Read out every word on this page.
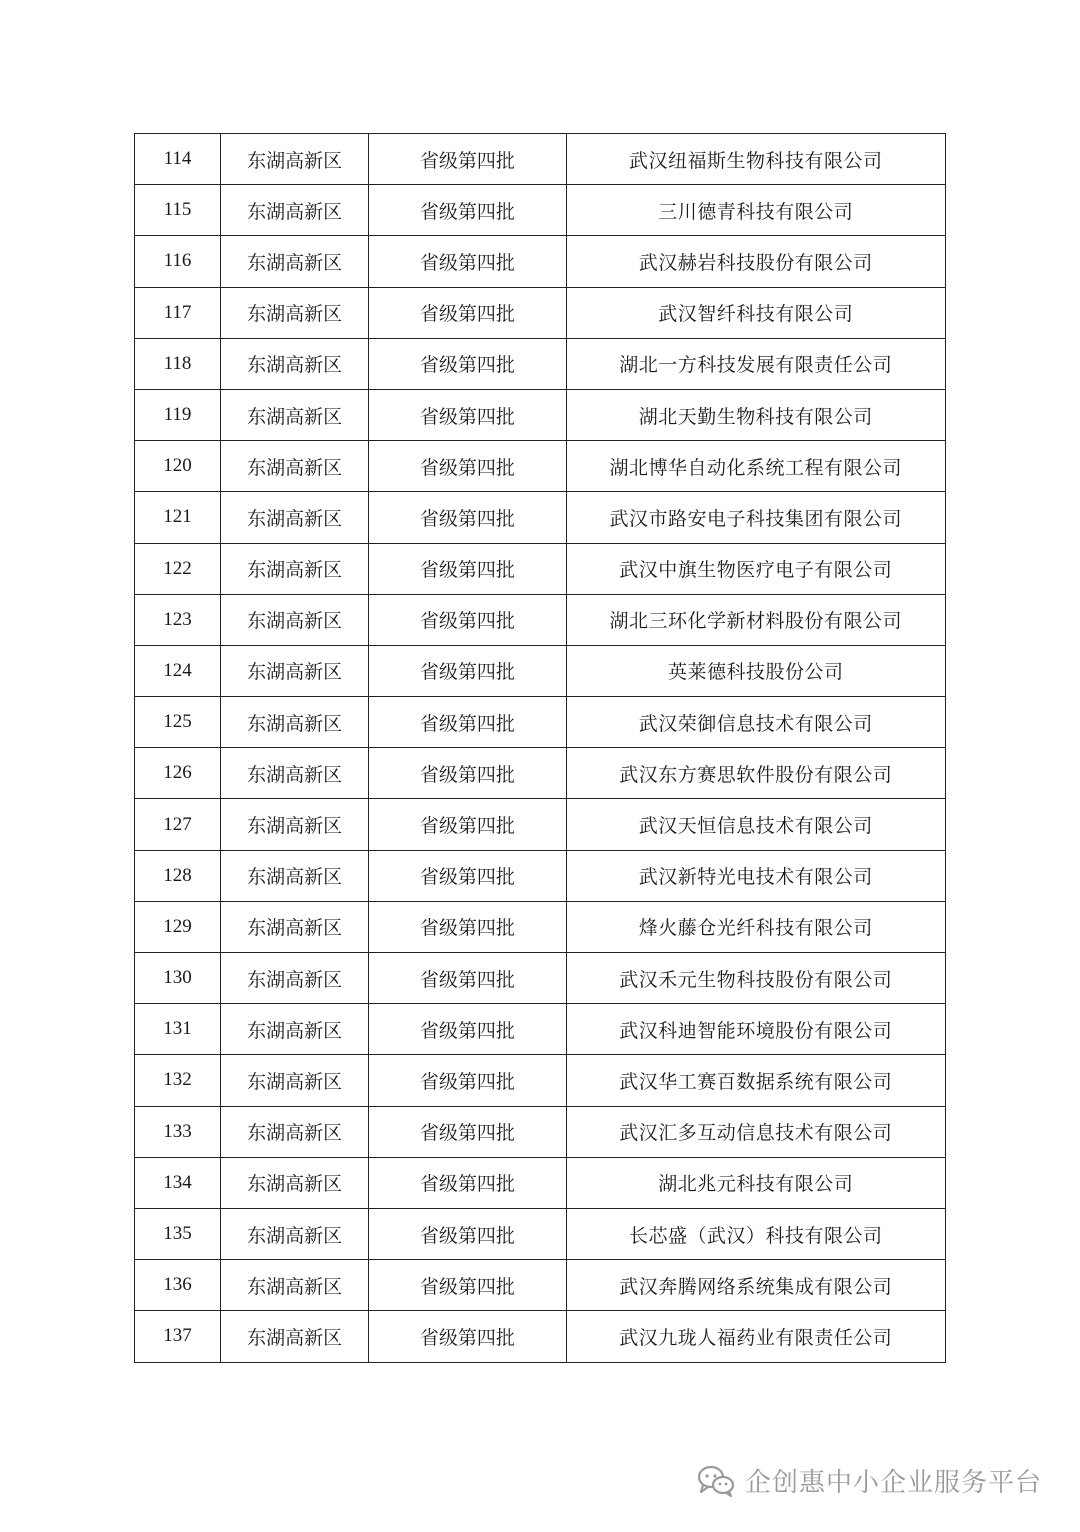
114	东湖高新区	省级第四批	武汉纽福斯生物科技有限公司
115	东湖高新区	省级第四批	三川德青科技有限公司
116	东湖高新区	省级第四批	武汉赫岩科技股份有限公司
117	东湖高新区	省级第四批	武汉智纤科技有限公司
118	东湖高新区	省级第四批	湖北一方科技发展有限责任公司
119	东湖高新区	省级第四批	湖北天勤生物科技有限公司
120	东湖高新区	省级第四批	湖北博华自动化系统工程有限公司
121	东湖高新区	省级第四批	武汉市路安电子科技集团有限公司
122	东湖高新区	省级第四批	武汉中旗生物医疗电子有限公司
123	东湖高新区	省级第四批	湖北三环化学新材料股份有限公司
124	东湖高新区	省级第四批	英莱德科技股份公司
125	东湖高新区	省级第四批	武汉荣御信息技术有限公司
126	东湖高新区	省级第四批	武汉东方赛思软件股份有限公司
127	东湖高新区	省级第四批	武汉天恒信息技术有限公司
128	东湖高新区	省级第四批	武汉新特光电技术有限公司
129	东湖高新区	省级第四批	烽火藤仓光纤科技有限公司
130	东湖高新区	省级第四批	武汉禾元生物科技股份有限公司
131	东湖高新区	省级第四批	武汉科迪智能环境股份有限公司
132	东湖高新区	省级第四批	武汉华工赛百数据系统有限公司
133	东湖高新区	省级第四批	武汉汇多互动信息技术有限公司
134	东湖高新区	省级第四批	湖北兆元科技有限公司
135	东湖高新区	省级第四批	长芯盛（武汉）科技有限公司
136	东湖高新区	省级第四批	武汉奔腾网络系统集成有限公司
137	东湖高新区	省级第四批	武汉九珑人福药业有限责任公司
企创惠中小企业服务平台
